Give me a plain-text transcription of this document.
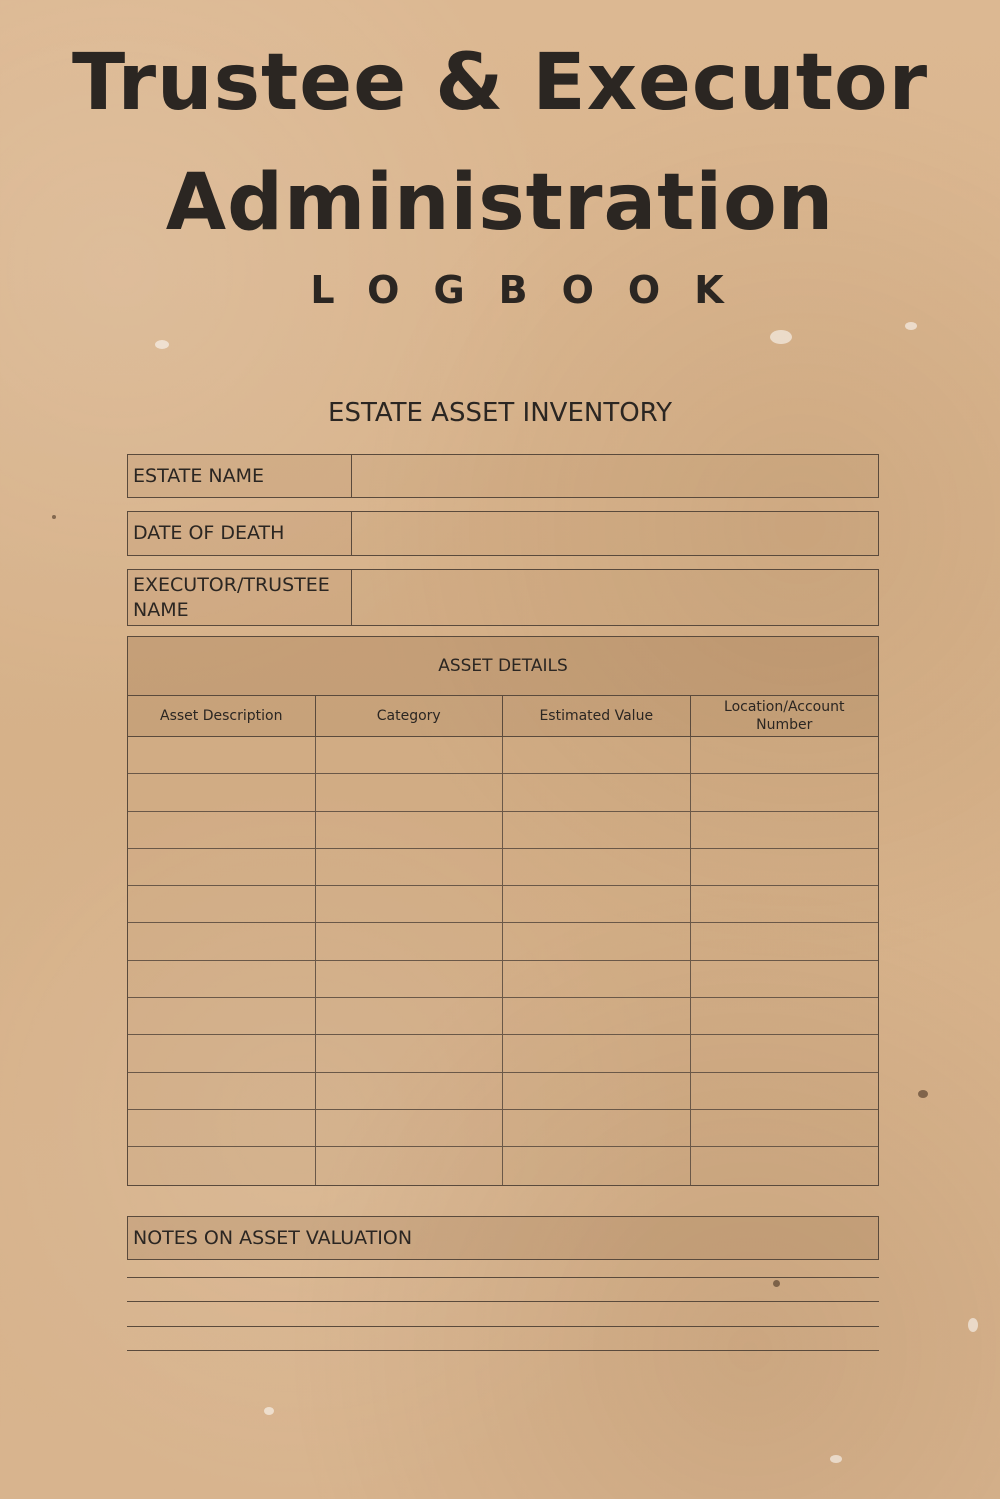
Trustee & Executor
Administration
LOGBOOK
ESTATE ASSET INVENTORY
ESTATE NAME
DATE OF DEATH
EXECUTOR/TRUSTEE NAME
ASSET DETAILS
Asset Description	Category	Estimated Value
Location/Account Number
NOTES ON ASSET VALUATION
